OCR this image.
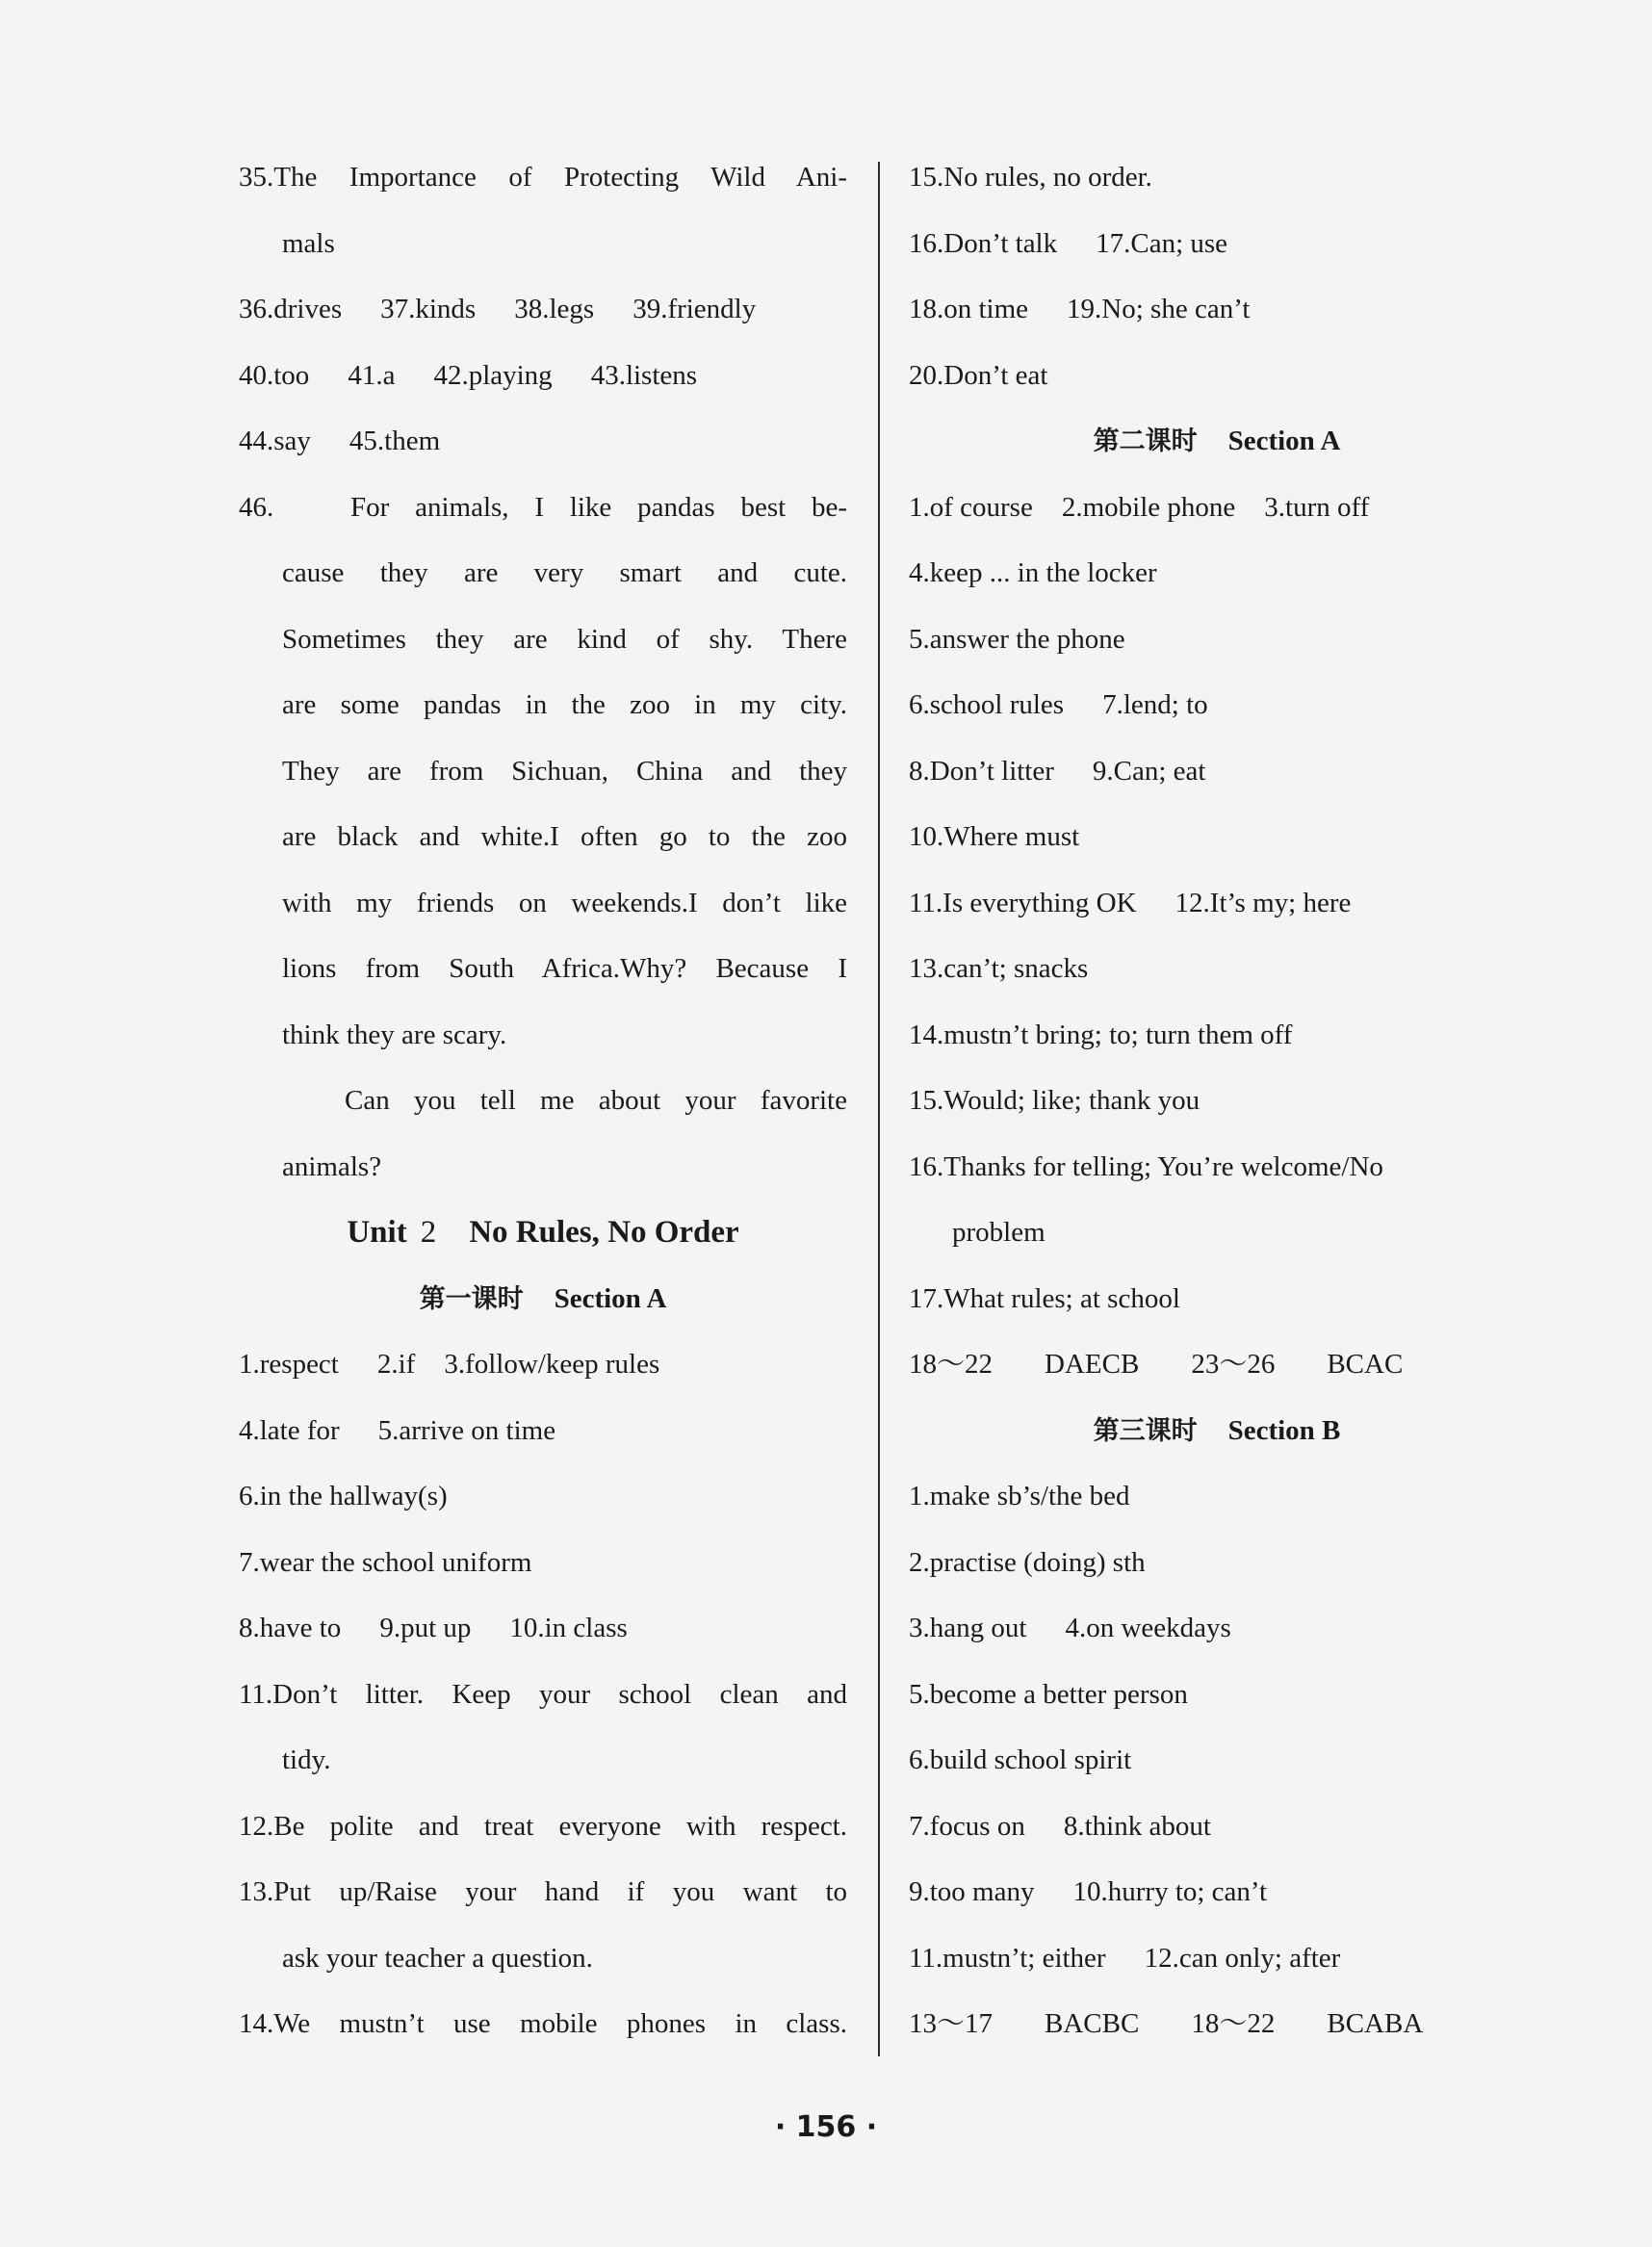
35.The Importance of Protecting Wild Ani-
mals
36.drives 37.kinds 38.legs 39.friendly
40.too 41.a 42.playing 43.listens
44.say 45.them
46.	For animals, I like pandas best be-
cause they are very smart and cute.
Sometimes they are kind of shy. There
are some pandas in the zoo in my city.
They are from Sichuan, China and they
are black and white.I often go to the zoo
with my friends on weekends.I don’t like
lions from South Africa.Why? Because I
think they are scary.
Can you tell me about your favorite
animals?
Unit 2 No Rules, No Order
第一课时 Section A
1.respect 2.if 3.follow/keep rules
4.late for 5.arrive on time
6.in the hallway(s)
7.wear the school uniform
8.have to 9.put up 10.in class
11.Don’t litter. Keep your school clean and
tidy.
12.Be polite and treat everyone with respect.
13.Put up/Raise your hand if you want to
ask your teacher a question.
14.We mustn’t use mobile phones in class.
15.No rules, no order.
16.Don’t talk 17.Can; use
18.on time 19.No; she can’t
20.Don’t eat
第二课时 Section A
1.of course 2.mobile phone 3.turn off
4.keep ... in the locker
5.answer the phone
6.school rules 7.lend; to
8.Don’t litter 9.Can; eat
10.Where must
11.Is everything OK 12.It’s my; here
13.can’t; snacks
14.mustn’t bring; to; turn them off
15.Would; like; thank you
16.Thanks for telling; You’re welcome/No
problem
17.What rules; at school
18～22 DAECB 23～26 BCAC
第三课时 Section B
1.make sb’s/the bed
2.practise (doing) sth
3.hang out 4.on weekdays
5.become a better person
6.build school spirit
7.focus on 8.think about
9.too many 10.hurry to; can’t
11.mustn’t; either 12.can only; after
13～17 BACBC 18～22 BCABA
· 156 ·
